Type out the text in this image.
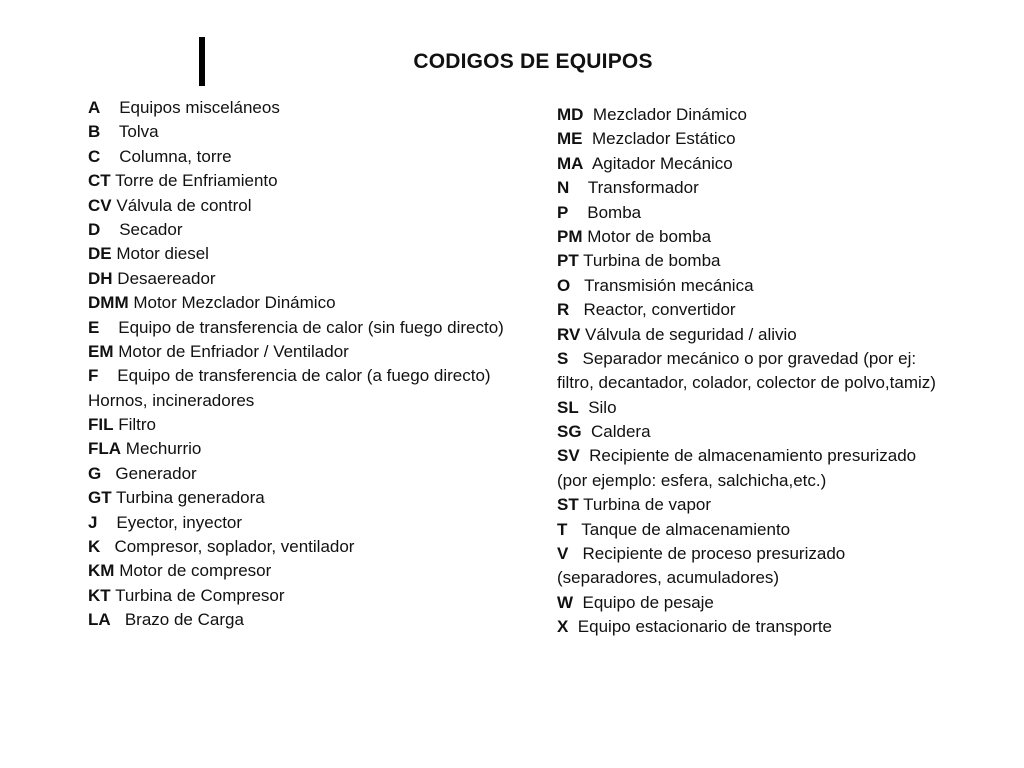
CODIGOS DE EQUIPOS
A Equipos misceláneos
B Tolva
C Columna, torre
CT Torre de Enfriamiento
CV Válvula de control
D Secador
DE Motor diesel
DH Desaereador
DMM Motor Mezclador Dinámico
E Equipo de transferencia de calor (sin fuego directo)
EM Motor de Enfriador / Ventilador
F Equipo de transferencia de calor (a fuego directo)
Hornos, incineradores
FIL Filtro
FLA Mechurrio
G Generador
GT Turbina generadora
J Eyector, inyector
K Compresor, soplador, ventilador
KM Motor de compresor
KT Turbina de Compresor
LA Brazo de Carga
MD Mezclador Dinámico
ME Mezclador Estático
MA Agitador Mecánico
N Transformador
P Bomba
PM Motor de bomba
PT Turbina de bomba
O Transmisión mecánica
R Reactor, convertidor
RV Válvula de seguridad / alivio
S Separador mecánico o por gravedad (por ej:
filtro, decantador, colador, colector de polvo,tamiz)
SL Silo
SG Caldera
SV Recipiente de almacenamiento presurizado
(por ejemplo: esfera, salchicha,etc.)
ST Turbina de vapor
T Tanque de almacenamiento
V Recipiente de proceso presurizado
(separadores, acumuladores)
W Equipo de pesaje
X Equipo estacionario de transporte
